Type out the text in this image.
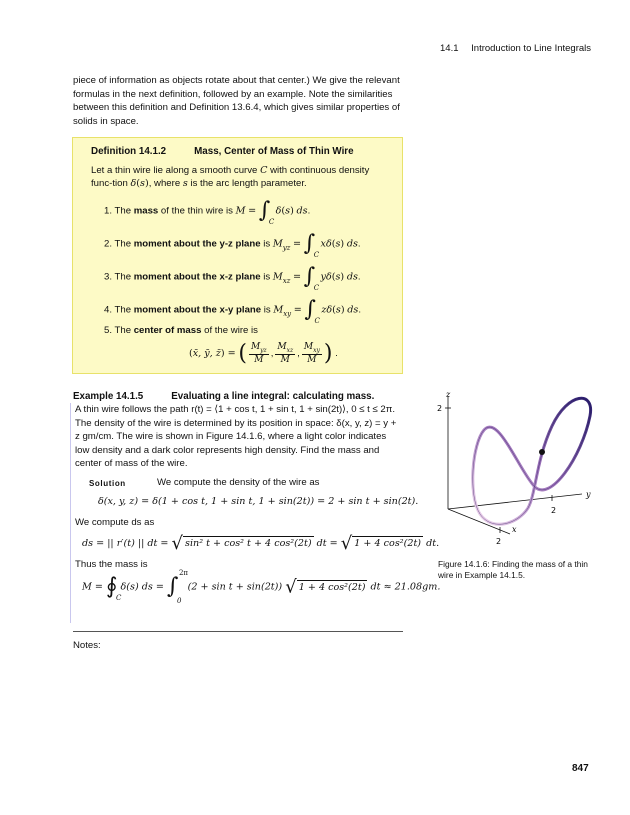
14.1 Introduction to Line Integrals
piece of information as objects rotate about that center.) We give the relevant formulas in the next definition, followed by an example. Note the similarities between this definition and Definition 13.6.4, which gives similar properties of solids in space.
Definition 14.1.2	Mass, Center of Mass of Thin Wire
Let a thin wire lie along a smooth curve C with continuous density func-tion δ(s), where s is the arc length parameter.
1. The mass of the thin wire is M = ∫
C
δ(s) ds.
2. The moment about the y-z plane is $M_{yz}$ = ∫
C
xδ(s) ds.
3. The moment about the x-z plane is $M_{xz}$ = ∫
C
yδ(s) ds.
4. The moment about the x-y plane is $M_{xy}$ = ∫
C
zδ(s) ds.
5. The center of mass of the wire is
(x̄, ȳ, z̄) = ( $\frac{M_{yz}}{M}$ , $\frac{M_{xz}}{M}$ , $\frac{M_{xy}}{M}$ ) .
Example 14.1.5	Evaluating a line integral: calculating mass.
A thin wire follows the path r(t) = ⟨1 + cos t, 1 + sin t, 1 + sin(2t)⟩, 0 ≤ t ≤ 2π. The density of the wire is determined by its position in space: δ(x, y, z) = y + z gm/cm. The wire is shown in Figure 14.1.6, where a light color indicates low density and a dark color represents high density. Find the mass and center of mass of the wire.
Solution	We compute the density of the wire as
δ(x, y, z) = δ(1 + cos t, 1 + sin t, 1 + sin(2t)) = 2 + sin t + sin(2t).
We compute ds as
ds = || r′(t) || dt = √ sin² t + cos² t + 4 cos²(2t) dt = √ 1 + 4 cos²(2t) dt.
Thus the mass is
M = ∮
C
δ(s) ds = ∫
0
2π
(2 + sin t + sin(2t)) √ 1 + 4 cos²(2t) dt ≈ 21.08gm.
z
2
y
2
x
2
Figure 14.1.6: Finding the mass of a thin wire in Example 14.1.5.
Notes:
847
